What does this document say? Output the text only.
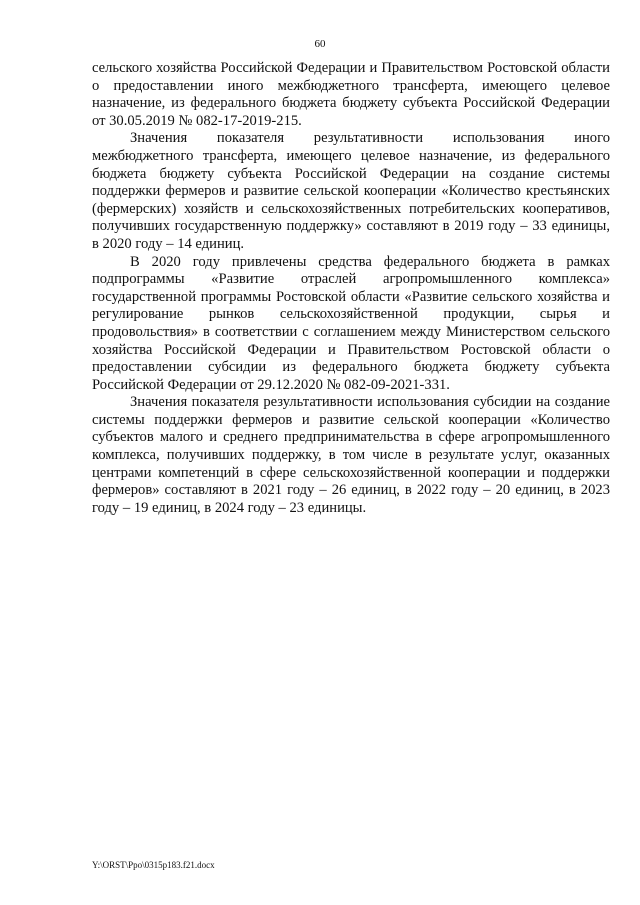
60

сельского хозяйства Российской Федерации и Правительством Ростовской области о предоставлении иного межбюджетного трансферта, имеющего целевое назначение, из федерального бюджета бюджету субъекта Российской Федерации от 30.05.2019 № 082-17-2019-215.

Значения показателя результативности использования иного межбюджетного трансферта, имеющего целевое назначение, из федерального бюджета бюджету субъекта Российской Федерации на создание системы поддержки фермеров и развитие сельской кооперации «Количество крестьянских (фермерских) хозяйств и сельскохозяйственных потребительских кооперативов, получивших государственную поддержку» составляют в 2019 году – 33 единицы, в 2020 году – 14 единиц.

В 2020 году привлечены средства федерального бюджета в рамках подпрограммы «Развитие отраслей агропромышленного комплекса» государственной программы Ростовской области «Развитие сельского хозяйства и регулирование рынков сельскохозяйственной продукции, сырья и продовольствия» в соответствии с соглашением между Министерством сельского хозяйства Российской Федерации и Правительством Ростовской области о предоставлении субсидии из федерального бюджета бюджету субъекта Российской Федерации от 29.12.2020 № 082-09-2021-331.

Значения показателя результативности использования субсидии на создание системы поддержки фермеров и развитие сельской кооперации «Количество субъектов малого и среднего предпринимательства в сфере агропромышленного комплекса, получивших поддержку, в том числе в результате услуг, оказанных центрами компетенций в сфере сельскохозяйственной кооперации и поддержки фермеров» составляют в 2021 году – 26 единиц, в 2022 году – 20 единиц, в 2023 году – 19 единиц, в 2024 году – 23 единицы.

Y:\ORST\Ppo\0315p183.f21.docx
